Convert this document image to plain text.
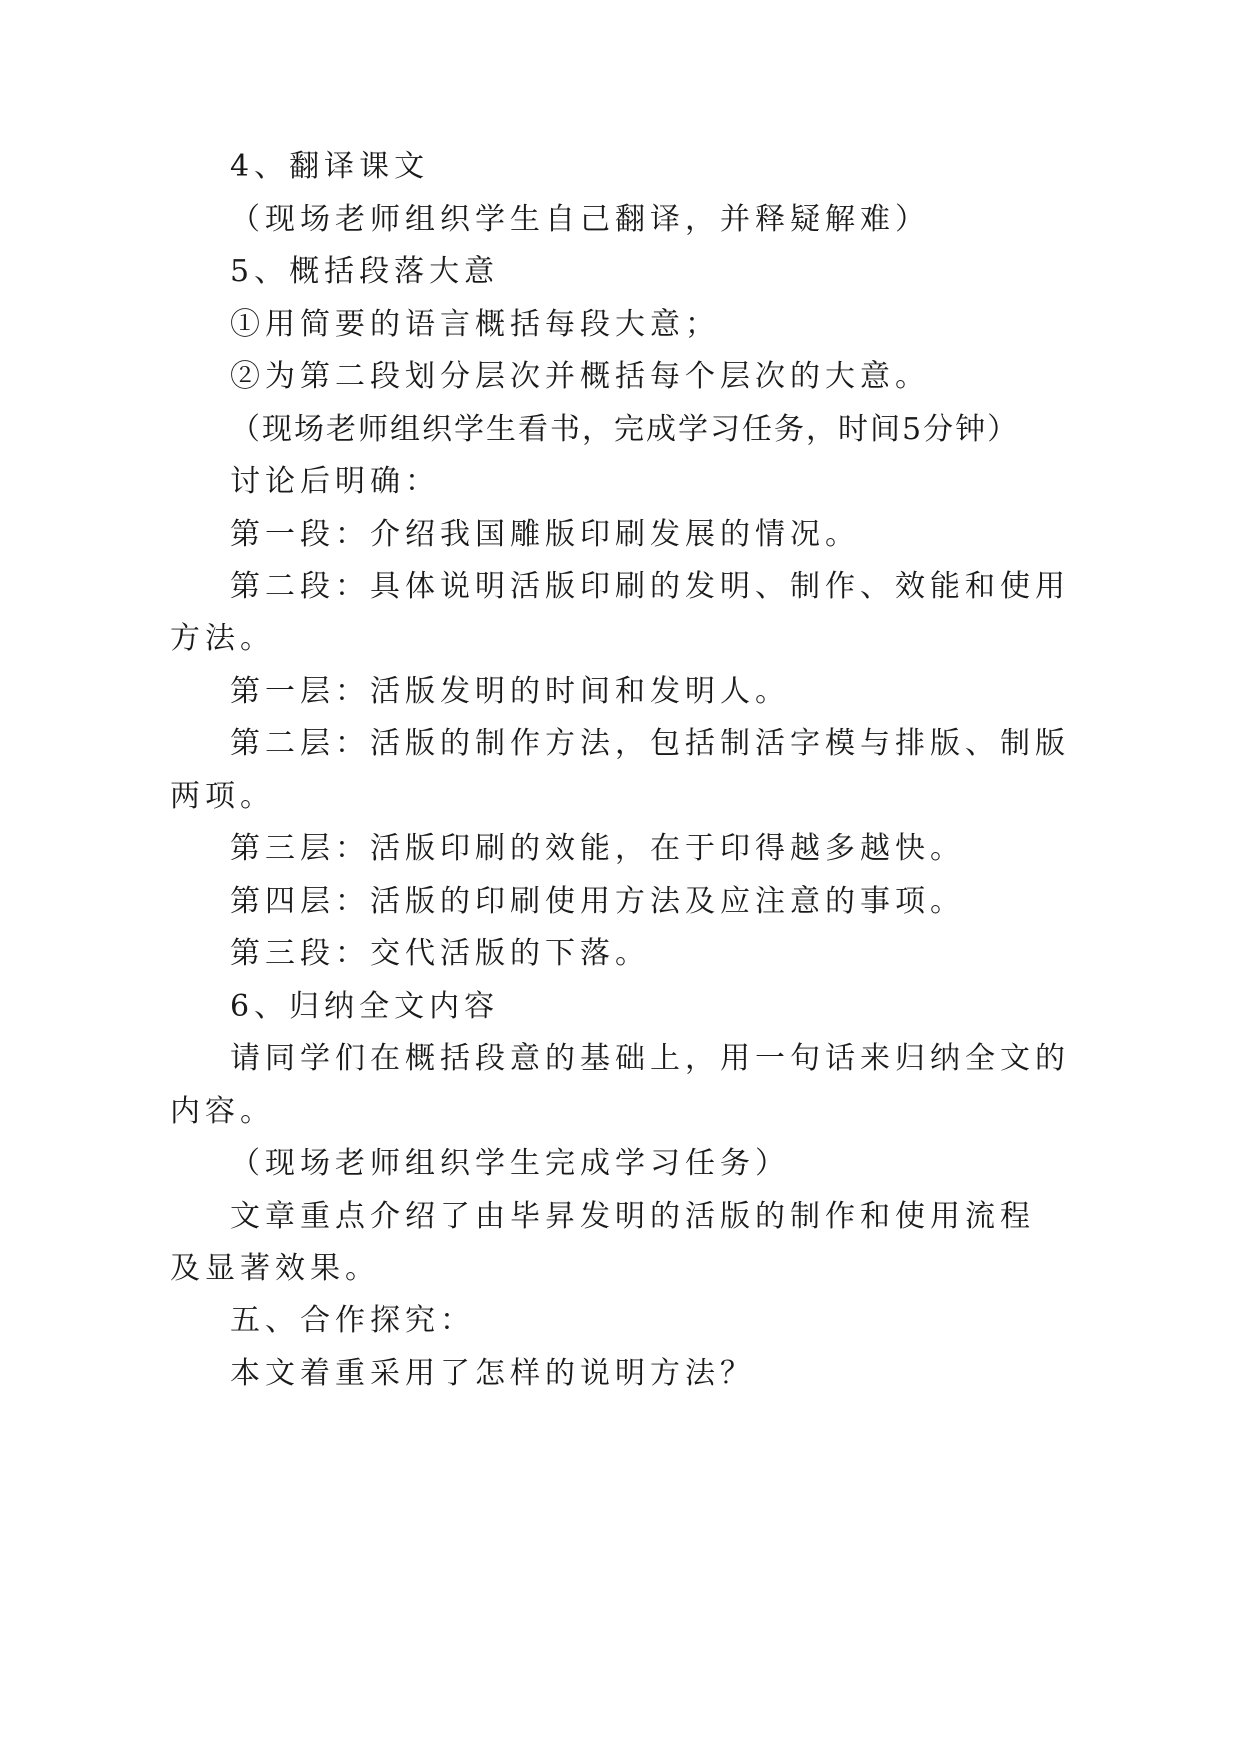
4、翻译课文
（现场老师组织学生自己翻译，并释疑解难）
5、概括段落大意
①用简要的语言概括每段大意；
②为第二段划分层次并概括每个层次的大意。
（现场老师组织学生看书，完成学习任务，时间5分钟）
讨论后明确：
第一段：介绍我国雕版印刷发展的情况。
第二段：具体说明活版印刷的发明、制作、效能和使用
方法。
第一层：活版发明的时间和发明人。
第二层：活版的制作方法，包括制活字模与排版、制版
两项。
第三层：活版印刷的效能，在于印得越多越快。
第四层：活版的印刷使用方法及应注意的事项。
第三段：交代活版的下落。
6、归纳全文内容
请同学们在概括段意的基础上，用一句话来归纳全文的
内容。
（现场老师组织学生完成学习任务）
文章重点介绍了由毕昇发明的活版的制作和使用流程
及显著效果。
五、合作探究：
本文着重采用了怎样的说明方法？
